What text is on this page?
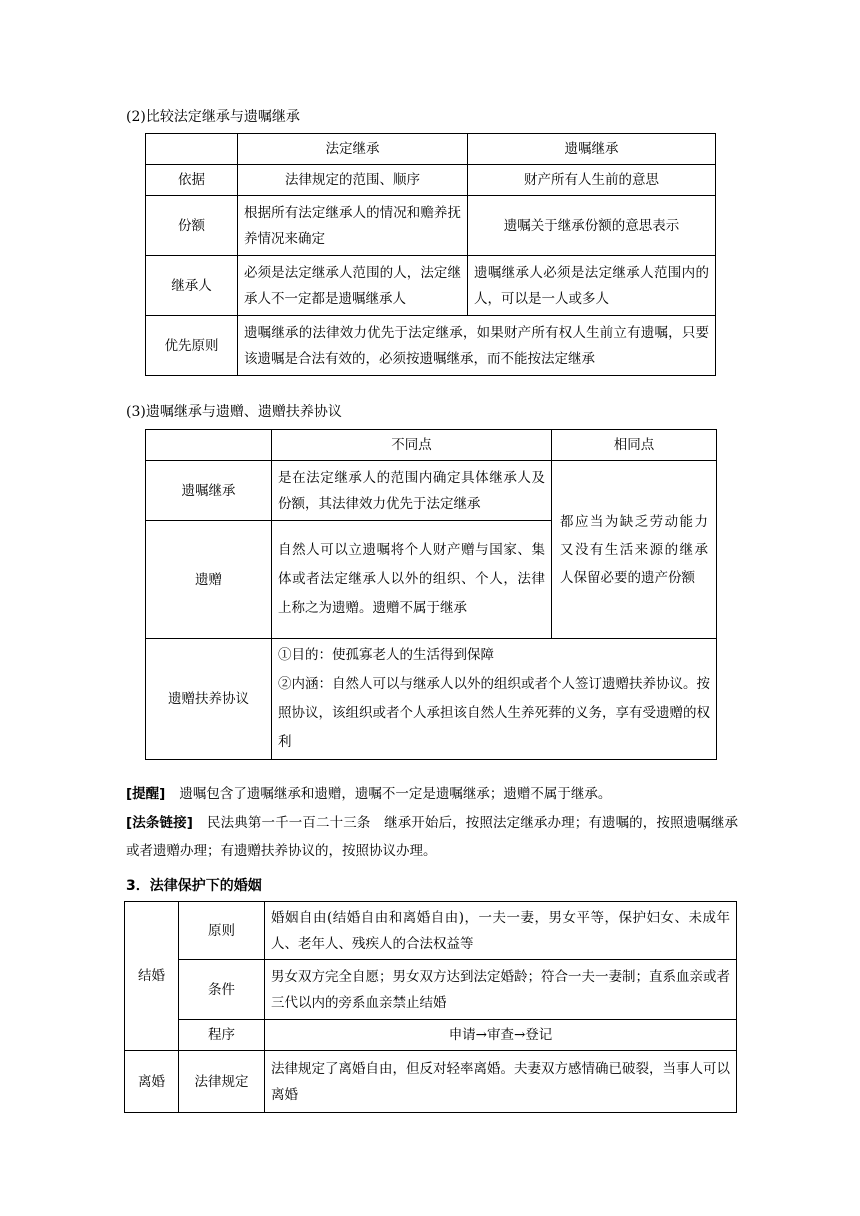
(2)比较法定继承与遗嘱继承
	法定继承	遗嘱继承
依据	法律规定的范围、顺序	财产所有人生前的意思
份额	根据所有法定继承人的情况和赡养抚养情况来确定	遗嘱关于继承份额的意思表示
继承人	必须是法定继承人范围的人，法定继承人不一定都是遗嘱继承人	遗嘱继承人必须是法定继承人范围内的人，可以是一人或多人
优先原则	遗嘱继承的法律效力优先于法定继承，如果财产所有权人生前立有遗嘱，只要该遗嘱是合法有效的，必须按遗嘱继承，而不能按法定继承	
(3)遗嘱继承与遗赠、遗赠扶养协议
	不同点	相同点
遗嘱继承	是在法定继承人的范围内确定具体继承人及份额，其法律效力优先于法定继承	都应当为缺乏劳动能力又没有生活来源的继承人保留必要的遗产份额
遗赠	自然人可以立遗嘱将个人财产赠与国家、集体或者法定继承人以外的组织、个人，法律上称之为遗赠。遗赠不属于继承	
遗赠扶养协议	①目的：使孤寡老人的生活得到保障
②内涵：自然人可以与继承人以外的组织或者个人签订遗赠扶养协议。按照协议，该组织或者个人承担该自然人生养死葬的义务，享有受遗赠的权利	
[提醒] 遗嘱包含了遗嘱继承和遗赠，遗嘱不一定是遗嘱继承；遗赠不属于继承。
[法条链接] 民法典第一千一百二十三条　继承开始后，按照法定继承办理；有遗嘱的，按照遗嘱继承或者遗赠办理；有遗赠扶养协议的，按照协议办理。
3．法律保护下的婚姻
结婚	原则	婚姻自由(结婚自由和离婚自由)，一夫一妻，男女平等，保护妇女、未成年人、老年人、残疾人的合法权益等
	条件	男女双方完全自愿；男女双方达到法定婚龄；符合一夫一妻制；直系血亲或者三代以内的旁系血亲禁止结婚
	程序	申请→审查→登记
离婚	法律规定	法律规定了离婚自由，但反对轻率离婚。夫妻双方感情确已破裂，当事人可以离婚
